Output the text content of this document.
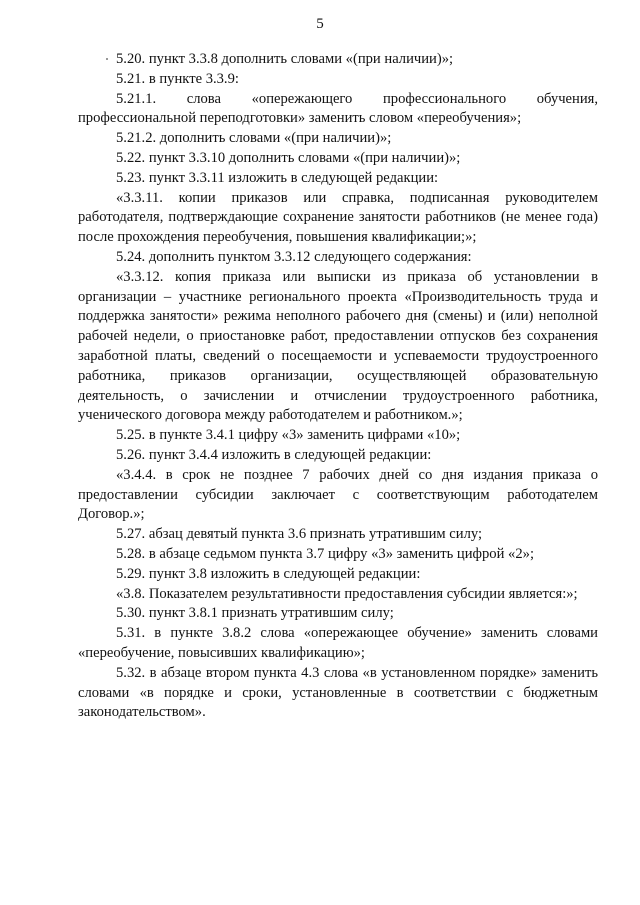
5

5.20. пункт 3.3.8 дополнить словами «(при наличии)»;

5.21. в пункте 3.3.9:

5.21.1. слова «опережающего профессионального обучения, профессиональной переподготовки» заменить словом «переобучения»;

5.21.2. дополнить словами «(при наличии)»;

5.22. пункт 3.3.10 дополнить словами «(при наличии)»;

5.23. пункт 3.3.11 изложить в следующей редакции:

«3.3.11. копии приказов или справка, подписанная руководителем работодателя, подтверждающие сохранение занятости работников (не менее года) после прохождения переобучения, повышения квалификации;»;

5.24. дополнить пунктом 3.3.12 следующего содержания:

«3.3.12. копия приказа или выписки из приказа об установлении в организации – участнике регионального проекта «Производительность труда и поддержка занятости» режима неполного рабочего дня (смены) и (или) неполной рабочей недели, о приостановке работ, предоставлении отпусков без сохранения заработной платы, сведений о посещаемости и успеваемости трудоустроенного работника, приказов организации, осуществляющей образовательную деятельность, о зачислении и отчислении трудоустроенного работника, ученического договора между работодателем и работником.»;

5.25. в пункте 3.4.1 цифру «3» заменить цифрами «10»;

5.26. пункт 3.4.4 изложить в следующей редакции:

«3.4.4. в срок не позднее 7 рабочих дней со дня издания приказа о предоставлении субсидии заключает с соответствующим работодателем Договор.»;

5.27. абзац девятый пункта 3.6 признать утратившим силу;

5.28. в абзаце седьмом пункта 3.7 цифру «3» заменить цифрой «2»;

5.29. пункт 3.8 изложить в следующей редакции:

«3.8. Показателем результативности предоставления субсидии является:»;

5.30. пункт 3.8.1 признать утратившим силу;

5.31. в пункте 3.8.2 слова «опережающее обучение» заменить словами «переобучение, повысивших квалификацию»;

5.32. в абзаце втором пункта 4.3 слова «в установленном порядке» заменить словами «в порядке и сроки, установленные в соответствии с бюджетным законодательством».
